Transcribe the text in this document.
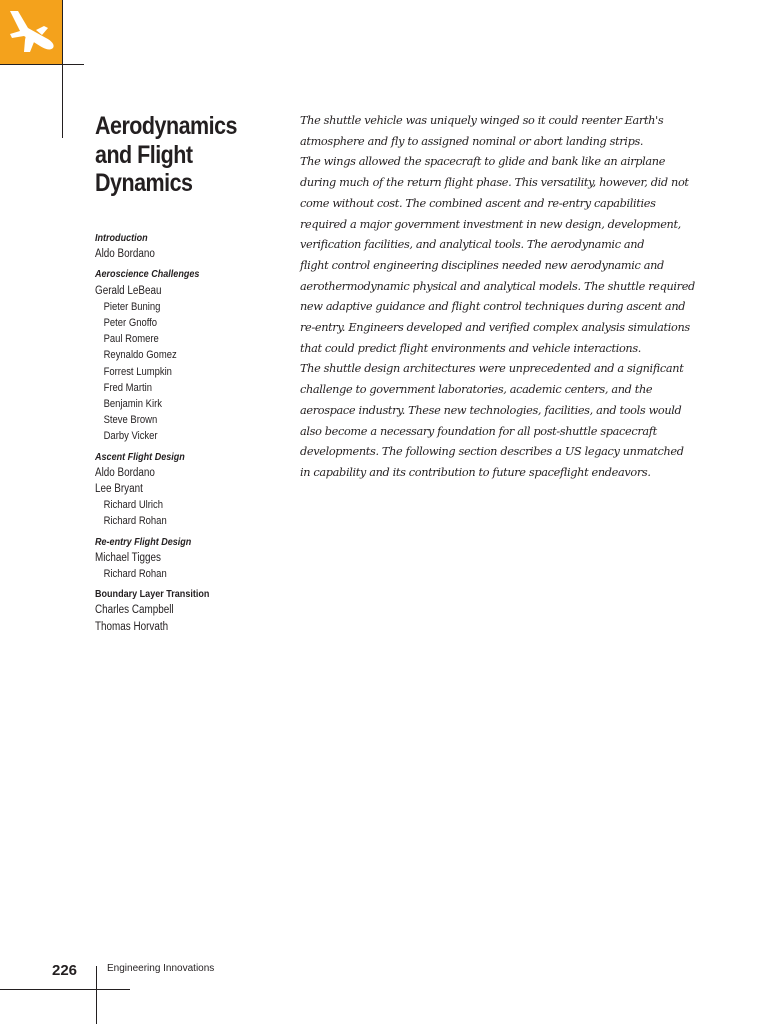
Aerodynamics
and Flight
Dynamics
Introduction
Aldo Bordano
Aeroscience Challenges
Gerald LeBeau
Pieter Buning
Peter Gnoffo
Paul Romere
Reynaldo Gomez
Forrest Lumpkin
Fred Martin
Benjamin Kirk
Steve Brown
Darby Vicker
Ascent Flight Design
Aldo Bordano
Lee Bryant
Richard Ulrich
Richard Rohan
Re-entry Flight Design
Michael Tigges
Richard Rohan
Boundary Layer Transition
Charles Campbell
Thomas Horvath
The shuttle vehicle was uniquely winged so it could reenter Earth's
atmosphere and fly to assigned nominal or abort landing strips.
The wings allowed the spacecraft to glide and bank like an airplane
during much of the return flight phase. This versatility, however, did not
come without cost. The combined ascent and re-entry capabilities
required a major government investment in new design, development,
verification facilities, and analytical tools. The aerodynamic and
flight control engineering disciplines needed new aerodynamic and
aerothermodynamic physical and analytical models. The shuttle required
new adaptive guidance and flight control techniques during ascent and
re-entry. Engineers developed and verified complex analysis simulations
that could predict flight environments and vehicle interactions.
The shuttle design architectures were unprecedented and a significant
challenge to government laboratories, academic centers, and the
aerospace industry. These new technologies, facilities, and tools would
also become a necessary foundation for all post-shuttle spacecraft
developments. The following section describes a US legacy unmatched
in capability and its contribution to future spaceflight endeavors.
226	Engineering Innovations
